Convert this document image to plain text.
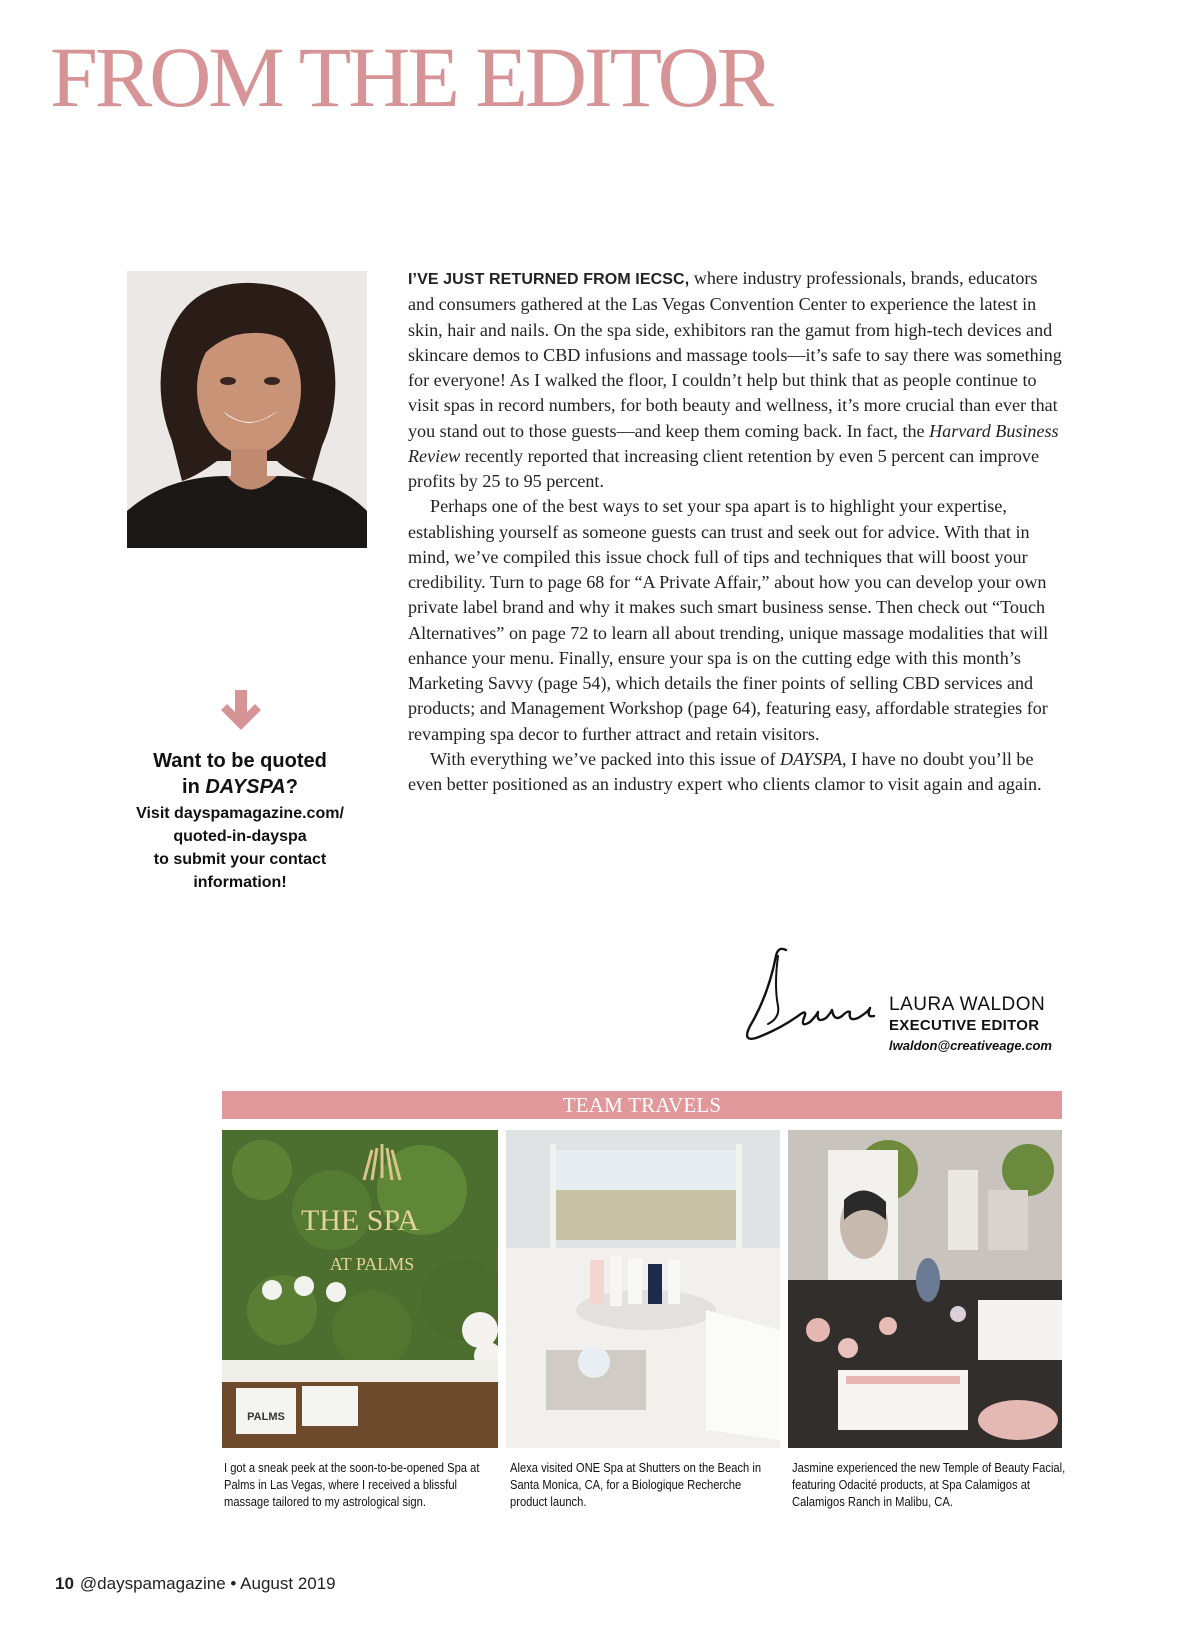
FROM THE EDITOR
Want to be quoted
in DAYSPA?
Visit dayspamagazine.com/
quoted-in-dayspa
to submit your contact
information!

I’VE JUST RETURNED FROM IECSC, where industry professionals, brands, educators and consumers gathered at the Las Vegas Convention Center to experience the latest in skin, hair and nails. On the spa side, exhibitors ran the gamut from high-tech devices and skincare demos to CBD infusions and massage tools—it’s safe to say there was something for everyone! As I walked the floor, I couldn’t help but think that as people continue to visit spas in record numbers, for both beauty and wellness, it’s more crucial than ever that you stand out to those guests—and keep them coming back. In fact, the Harvard Business Review recently reported that increasing client retention by even 5 percent can improve profits by 25 to 95 percent.

Perhaps one of the best ways to set your spa apart is to highlight your expertise, establishing yourself as someone guests can trust and seek out for advice. With that in mind, we’ve compiled this issue chock full of tips and techniques that will boost your credibility. Turn to page 68 for “A Private Affair,” about how you can develop your own private label brand and why it makes such smart business sense. Then check out “Touch Alternatives” on page 72 to learn all about trending, unique massage modalities that will enhance your menu. Finally, ensure your spa is on the cutting edge with this month’s Marketing Savvy (page 54), which details the finer points of selling CBD services and products; and Management Workshop (page 64), featuring easy, affordable strategies for revamping spa decor to further attract and retain visitors.

With everything we’ve packed into this issue of DAYSPA, I have no doubt you’ll be even better positioned as an industry expert who clients clamor to visit again and again.

LAURA WALDON
EXECUTIVE EDITOR
lwaldon@creativeage.com
TEAM TRAVELS
THE SPA
AT PALMS
PALMS
I got a sneak peek at the soon-to-be-opened Spa at Palms in Las Vegas, where I received a blissful massage tailored to my astrological sign.
Alexa visited ONE Spa at Shutters on the Beach in Santa Monica, CA, for a Biologique Recherche product launch.
Jasmine experienced the new Temple of Beauty Facial, featuring Odacité products, at Spa Calamigos at Calamigos Ranch in Malibu, CA.
10 @dayspamagazine • August 2019
